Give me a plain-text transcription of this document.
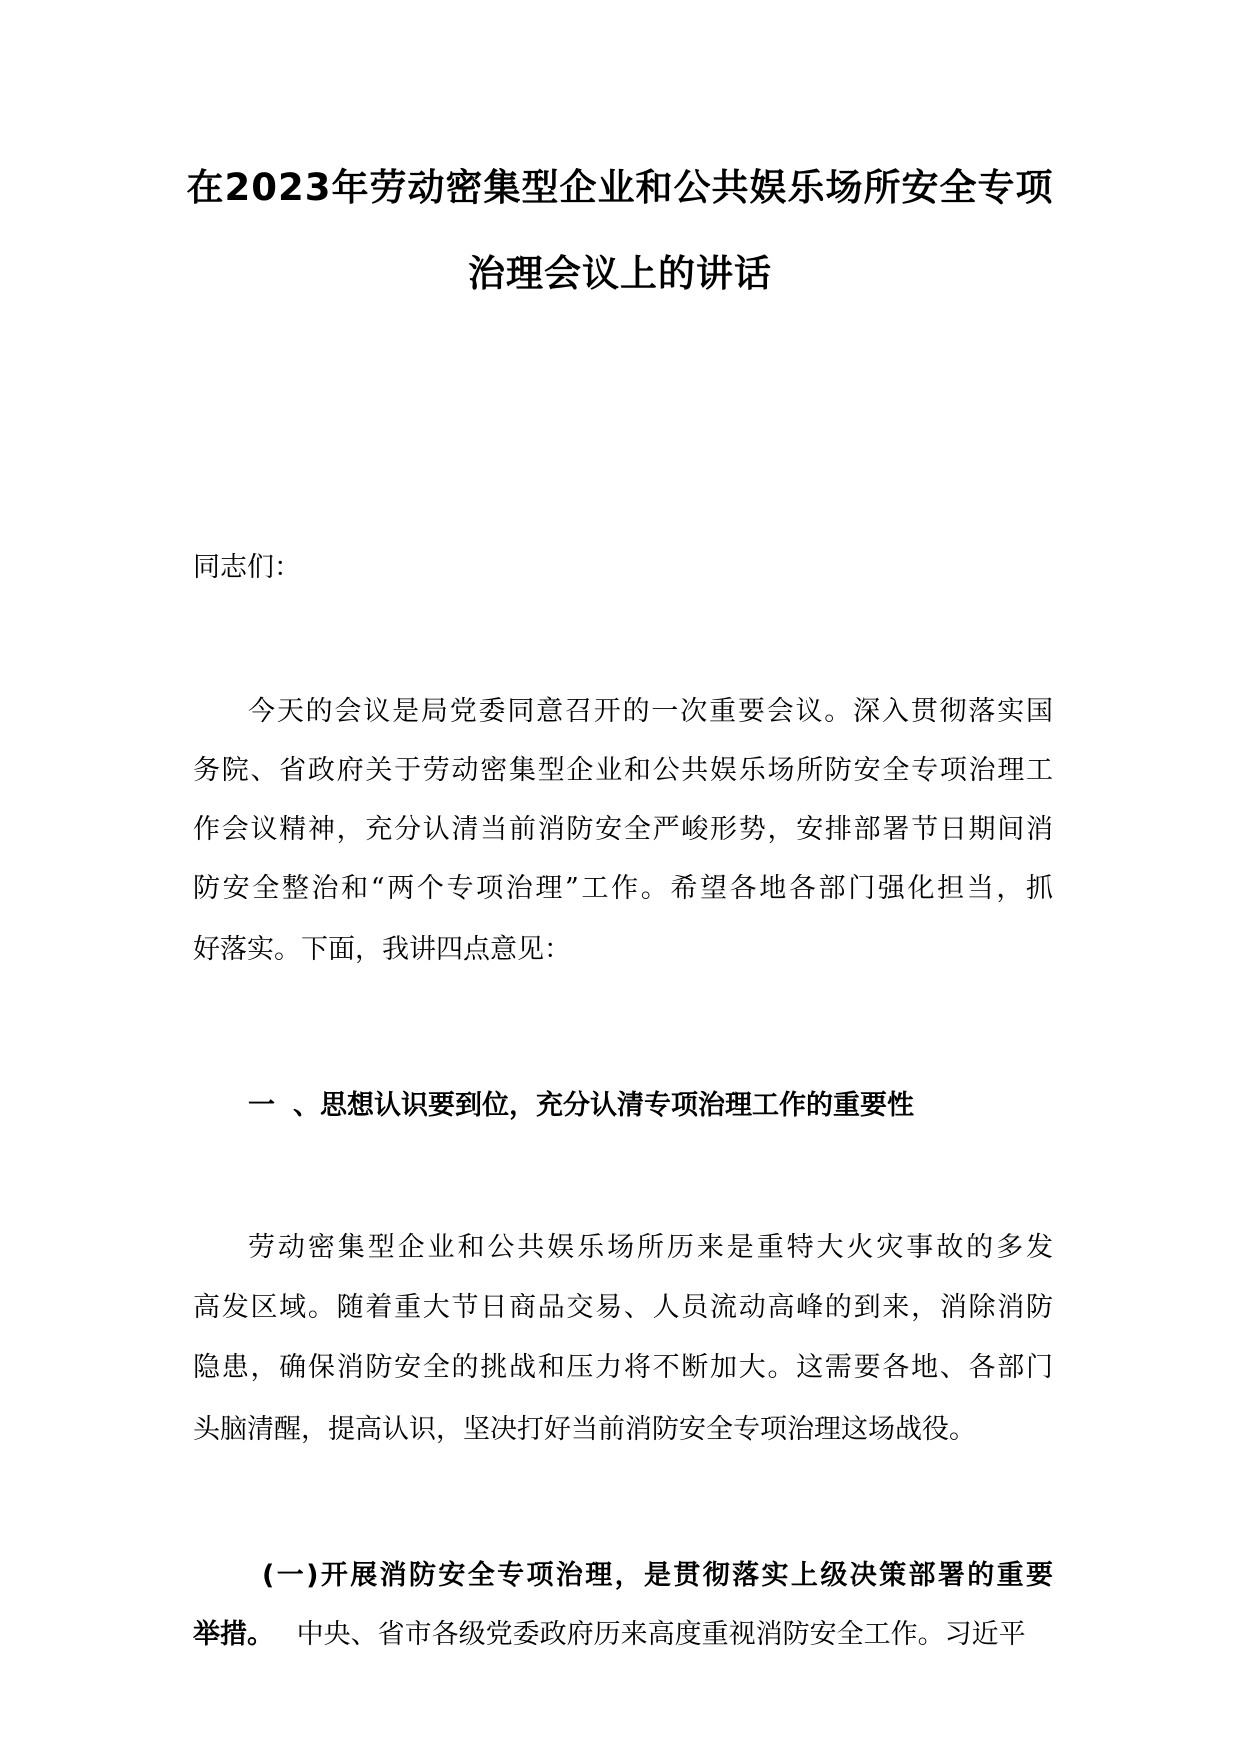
在2023年劳动密集型企业和公共娱乐场所安全专项
治理会议上的讲话
同志们：
今天的会议是局党委同意召开的一次重要会议。深入贯彻落实国
务院、省政府关于劳动密集型企业和公共娱乐场所防安全专项治理工
作会议精神，充分认清当前消防安全严峻形势，安排部署节日期间消
防安全整治和“两个专项治理”工作。希望各地各部门强化担当，抓
好落实。下面，我讲四点意见：
一 、思想认识要到位，充分认清专项治理工作的重要性
劳动密集型企业和公共娱乐场所历来是重特大火灾事故的多发
高发区域。随着重大节日商品交易、人员流动高峰的到来，消除消防
隐患，确保消防安全的挑战和压力将不断加大。这需要各地、各部门
头脑清醒，提高认识，坚决打好当前消防安全专项治理这场战役。
(一)开展消防安全专项治理，是贯彻落实上级决策部署的重要
举措。 中央、省市各级党委政府历来高度重视消防安全工作。习近平
